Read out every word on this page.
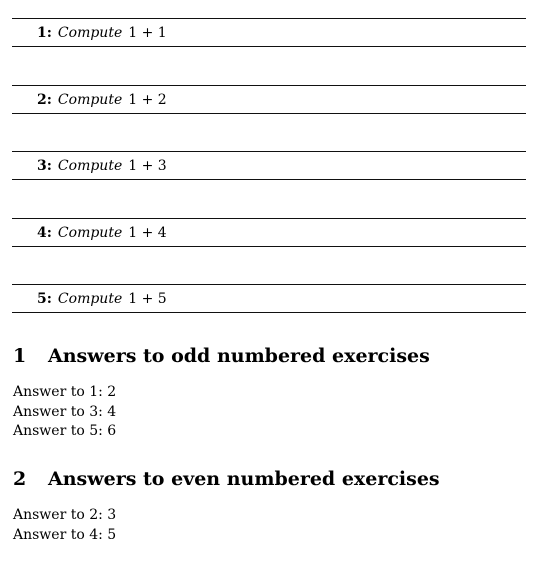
1: Compute 1 + 1
2: Compute 1 + 2
3: Compute 1 + 3
4: Compute 1 + 4
5: Compute 1 + 5
1 Answers to odd numbered exercises
Answer to 1: 2
Answer to 3: 4
Answer to 5: 6
2 Answers to even numbered exercises
Answer to 2: 3
Answer to 4: 5
